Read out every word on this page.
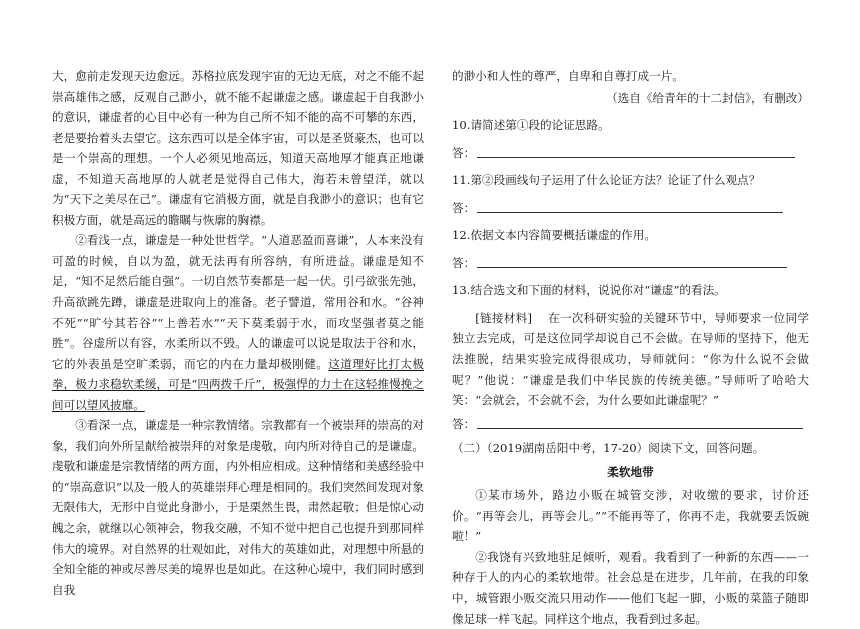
大，愈前走发现天边愈远。苏格拉底发现宇宙的无边无底，对之不能不起崇高雄伟之感，反观自己渺小，就不能不起谦虚之感。谦虚起于自我渺小的意识，谦虚者的心目中必有一种为自己所不知不能的高不可攀的东西，老是要抬着头去望它。这东西可以是全体宇宙，可以是圣贤豪杰，也可以是一个崇高的理想。一个人必须见地高远，知道天高地厚才能真正地谦虚，不知道天高地厚的人就老是觉得自己伟大，海若未曾望洋，就以为“天下之美尽在己”。谦虚有它消极方面，就是自我渺小的意识；也有它积极方面，就是高远的瞻瞩与恢廓的胸襟。

②看浅一点，谦虚是一种处世哲学。“人道恶盈而喜谦”，人本来没有可盈的时候，自以为盈，就无法再有所容纳，有所进益。谦虚是知不足，“知不足然后能自强”。一切自然节奏都是一起一伏。引弓欲张先弛，升高欲跳先蹲，谦虚是进取向上的准备。老子譬道，常用谷和水。“谷神不死”“旷兮其若谷”“上善若水”“天下莫柔弱于水，而攻坚强者莫之能胜”。谷虚所以有容，水柔所以不毁。人的谦虚可以说是取法于谷和水，它的外表虽是空旷柔弱，而它的内在力量却极刚健。这道理好比打太极拳，极力求稳软柔缓，可是“四两拨千斤”，极强悍的力士在这轻推慢挽之间可以望风披靡。

③看深一点，谦虚是一种宗教情绪。宗教都有一个被崇拜的崇高的对象，我们向外所呈献给被崇拜的对象是虔敬，向内所对待自己的是谦虚。虔敬和谦虚是宗教情绪的两方面，内外相应相成。这种情绪和美感经验中的“崇高意识”以及一般人的英雄崇拜心理是相同的。我们突然间发现对象无限伟大，无形中自觉此身渺小，于是栗然生畏，肃然起敬；但是惊心动魄之余，就继以心领神会，物我交融，不知不觉中把自己也提升到那同样伟大的境界。对自然界的壮观如此，对伟大的英雄如此，对理想中所悬的全知全能的神或尽善尽美的境界也是如此。在这种心境中，我们同时感到自我

的渺小和人性的尊严，自卑和自尊打成一片。

（选自《给青年的十二封信》，有删改）

10.请简述第①段的论证思路。

答：

11.第②段画线句子运用了什么论证方法？论证了什么观点？

答：

12.依据文本内容简要概括谦虚的作用。

答：

13.结合选文和下面的材料，说说你对“谦虚”的看法。

[链接材料] 在一次科研实验的关键环节中，导师要求一位同学独立去完成，可是这位同学却说自己不会做。在导师的坚持下，他无法推脱，结果实验完成得很成功，导师就问：“你为什么说不会做呢？”他说：“谦虚是我们中华民族的传统美德。”导师听了哈哈大笑：“会就会，不会就不会，为什么要如此谦虚呢？”

答：

（二）（2019湖南岳阳中考，17-20）阅读下文，回答问题。

柔软地带

①某市场外，路边小贩在城管交涉，对收缴的要求，讨价还价。“再等会儿，再等会儿。”“不能再等了，你再不走，我就要丢饭碗啦！”

②我饶有兴致地驻足倾听，观看。我看到了一种新的东西——一种存于人的内心的柔软地带。社会总是在进步，几年前，在我的印象中，城管跟小贩交流只用动作——他们飞起一脚，小贩的菜篮子随即像足球一样飞起。同样这个地点，我看到过多起。
